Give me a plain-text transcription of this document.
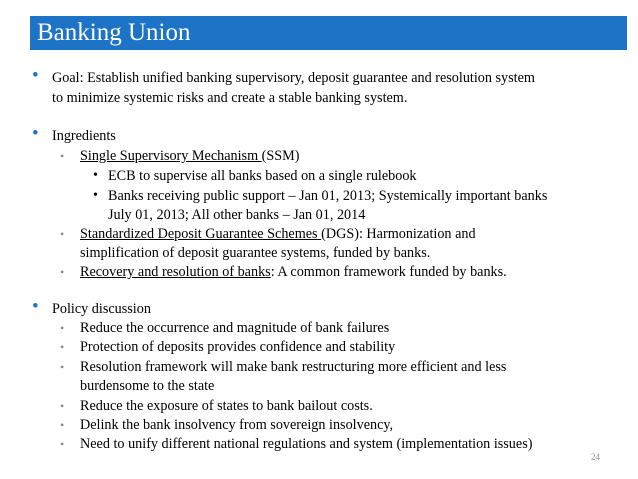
Banking Union
• Goal: Establish unified banking supervisory, deposit guarantee and resolution system
to minimize systemic risks and create a stable banking system.
• Ingredients
• Single Supervisory Mechanism (SSM)
• ECB to supervise all banks based on a single rulebook
• Banks receiving public support – Jan 01, 2013; Systemically important banks
July 01, 2013; All other banks – Jan 01, 2014
• Standardized Deposit Guarantee Schemes (DGS): Harmonization and
simplification of deposit guarantee systems, funded by banks.
• Recovery and resolution of banks: A common framework funded by banks.
• Policy discussion
• Reduce the occurrence and magnitude of bank failures
• Protection of deposits provides confidence and stability
• Resolution framework will make bank restructuring more efficient and less
burdensome to the state
• Reduce the exposure of states to bank bailout costs.
• Delink the bank insolvency from sovereign insolvency,
• Need to unify different national regulations and system (implementation issues)
24
